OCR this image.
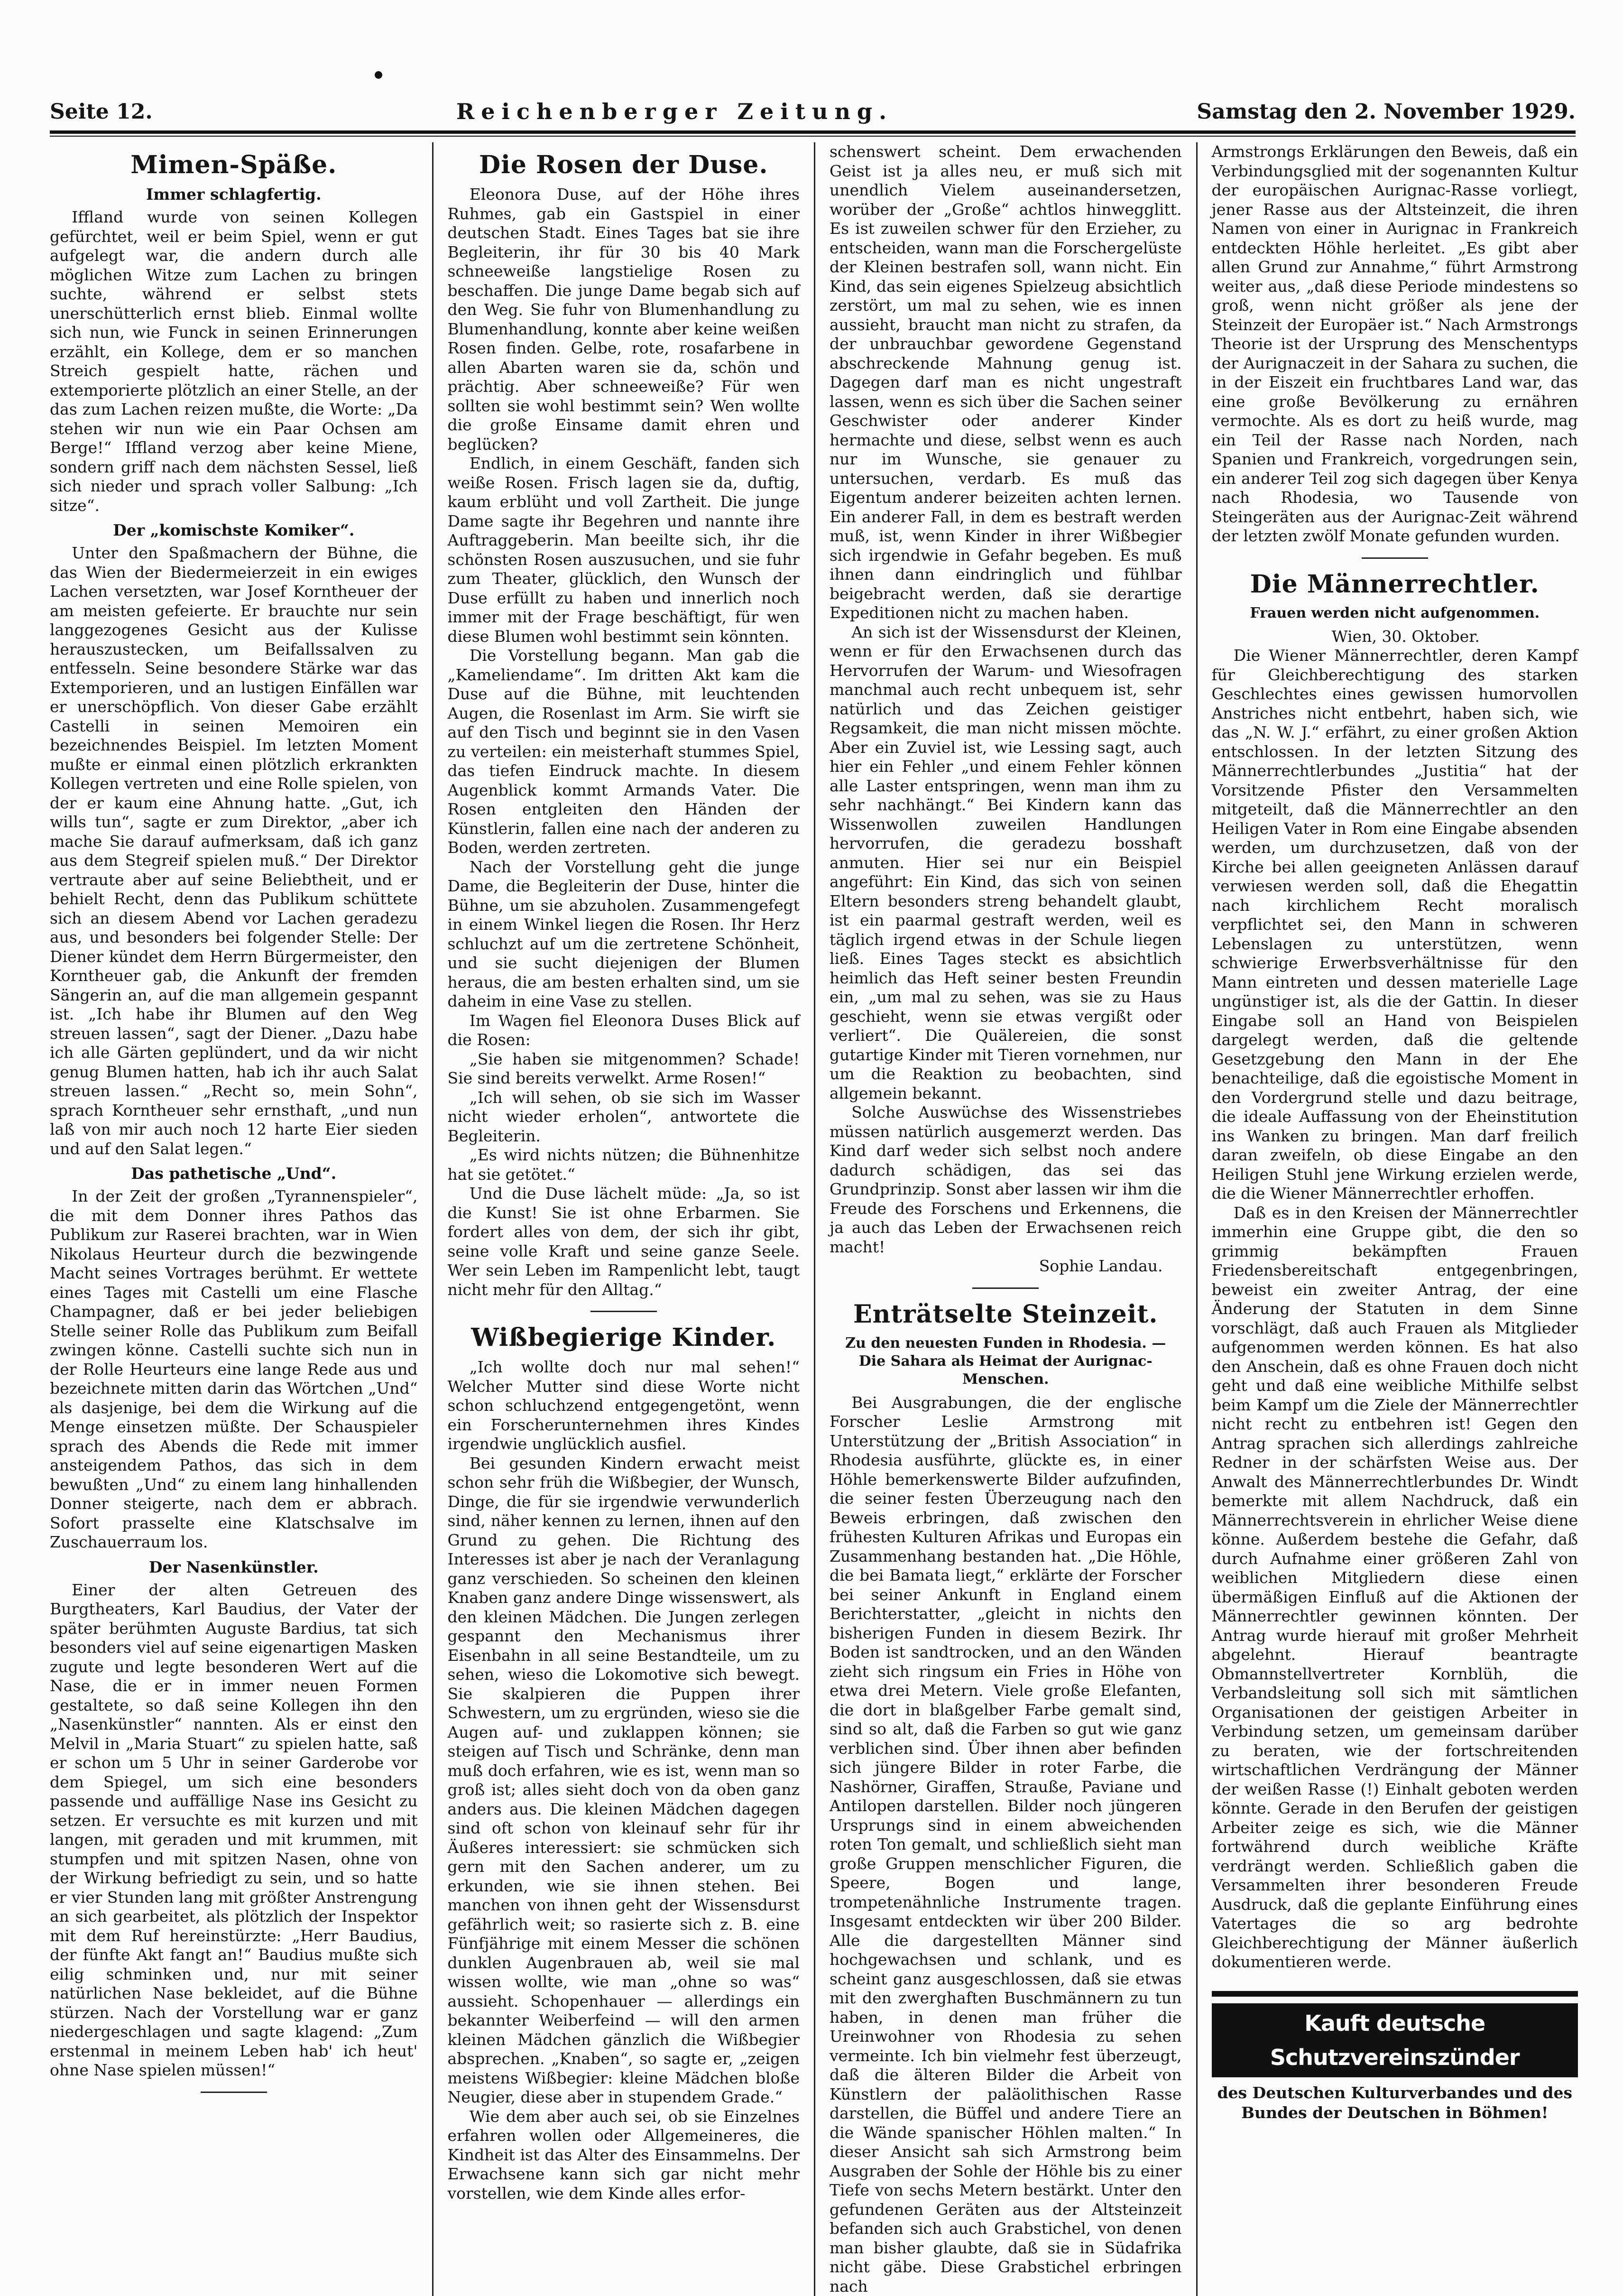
Seite 12.	Reichenberger Zeitung.	Samstag den 2. November 1929.
Mimen-Späße.
Immer schlagfertig.

Iffland wurde von seinen Kollegen gefürchtet, weil er beim Spiel, wenn er gut aufgelegt war, die andern durch alle möglichen Witze zum Lachen zu bringen suchte, während er selbst stets unerschütterlich ernst blieb. Einmal wollte sich nun, wie Funck in seinen Erinnerungen erzählt, ein Kollege, dem er so manchen Streich gespielt hatte, rächen und extemporierte plötzlich an einer Stelle, an der das zum Lachen reizen mußte, die Worte: „Da stehen wir nun wie ein Paar Ochsen am Berge!“ Iffland verzog aber keine Miene, sondern griff nach dem nächsten Sessel, ließ sich nieder und sprach voller Salbung: „Ich sitze“.

Der „komischste Komiker“.

Unter den Spaßmachern der Bühne, die das Wien der Biedermeierzeit in ein ewiges Lachen versetzten, war Josef Korntheuer der am meisten gefeierte. Er brauchte nur sein langgezogenes Gesicht aus der Kulisse herauszustecken, um Beifallssalven zu entfesseln. Seine besondere Stärke war das Extemporieren, und an lustigen Einfällen war er unerschöpflich. Von dieser Gabe erzählt Castelli in seinen Memoiren ein bezeichnendes Beispiel. Im letzten Moment mußte er einmal einen plötzlich erkrankten Kollegen vertreten und eine Rolle spielen, von der er kaum eine Ahnung hatte. „Gut, ich wills tun“, sagte er zum Direktor, „aber ich mache Sie darauf aufmerksam, daß ich ganz aus dem Stegreif spielen muß.“ Der Direktor vertraute aber auf seine Beliebtheit, und er behielt Recht, denn das Publikum schüttete sich an diesem Abend vor Lachen geradezu aus, und besonders bei folgender Stelle: Der Diener kündet dem Herrn Bürgermeister, den Korntheuer gab, die Ankunft der fremden Sängerin an, auf die man allgemein gespannt ist. „Ich habe ihr Blumen auf den Weg streuen lassen“, sagt der Diener. „Dazu habe ich alle Gärten geplündert, und da wir nicht genug Blumen hatten, hab ich ihr auch Salat streuen lassen.“ „Recht so, mein Sohn“, sprach Korntheuer sehr ernsthaft, „und nun laß von mir auch noch 12 harte Eier sieden und auf den Salat legen.“

Das pathetische „Und“.

In der Zeit der großen „Tyrannenspieler“, die mit dem Donner ihres Pathos das Publikum zur Raserei brachten, war in Wien Nikolaus Heurteur durch die bezwingende Macht seines Vortrages berühmt. Er wettete eines Tages mit Castelli um eine Flasche Champagner, daß er bei jeder beliebigen Stelle seiner Rolle das Publikum zum Beifall zwingen könne. Castelli suchte sich nun in der Rolle Heurteurs eine lange Rede aus und bezeichnete mitten darin das Wörtchen „Und“ als dasjenige, bei dem die Wirkung auf die Menge einsetzen müßte. Der Schauspieler sprach des Abends die Rede mit immer ansteigendem Pathos, das sich in dem bewußten „Und“ zu einem lang hinhallenden Donner steigerte, nach dem er abbrach. Sofort prasselte eine Klatschsalve im Zuschauerraum los.

Der Nasenkünstler.

Einer der alten Getreuen des Burgtheaters, Karl Baudius, der Vater der später berühmten Auguste Bardius, tat sich besonders viel auf seine eigenartigen Masken zugute und legte besonderen Wert auf die Nase, die er in immer neuen Formen gestaltete, so daß seine Kollegen ihn den „Nasenkünstler“ nannten. Als er einst den Melvil in „Maria Stuart“ zu spielen hatte, saß er schon um 5 Uhr in seiner Garderobe vor dem Spiegel, um sich eine besonders passende und auffällige Nase ins Gesicht zu setzen. Er versuchte es mit kurzen und mit langen, mit geraden und mit krummen, mit stumpfen und mit spitzen Nasen, ohne von der Wirkung befriedigt zu sein, und so hatte er vier Stunden lang mit größter Anstrengung an sich gearbeitet, als plötzlich der Inspektor mit dem Ruf hereinstürzte: „Herr Baudius, der fünfte Akt fangt an!“ Baudius mußte sich eilig schminken und, nur mit seiner natürlichen Nase bekleidet, auf die Bühne stürzen. Nach der Vorstellung war er ganz niedergeschlagen und sagte klagend: „Zum erstenmal in meinem Leben hab' ich heut' ohne Nase spielen müssen!“

Die Rosen der Duse.

Eleonora Duse, auf der Höhe ihres Ruhmes, gab ein Gastspiel in einer deutschen Stadt. Eines Tages bat sie ihre Begleiterin, ihr für 30 bis 40 Mark schneeweiße langstielige Rosen zu beschaffen. Die junge Dame begab sich auf den Weg. Sie fuhr von Blumenhandlung zu Blumenhandlung, konnte aber keine weißen Rosen finden. Gelbe, rote, rosafarbene in allen Abarten waren sie da, schön und prächtig. Aber schneeweiße? Für wen sollten sie wohl bestimmt sein? Wen wollte die große Einsame damit ehren und beglücken?

Endlich, in einem Geschäft, fanden sich weiße Rosen. Frisch lagen sie da, duftig, kaum erblüht und voll Zartheit. Die junge Dame sagte ihr Begehren und nannte ihre Auftraggeberin. Man beeilte sich, ihr die schönsten Rosen auszusuchen, und sie fuhr zum Theater, glücklich, den Wunsch der Duse erfüllt zu haben und innerlich noch immer mit der Frage beschäftigt, für wen diese Blumen wohl bestimmt sein könnten.

Die Vorstellung begann. Man gab die „Kameliendame“. Im dritten Akt kam die Duse auf die Bühne, mit leuchtenden Augen, die Rosenlast im Arm. Sie wirft sie auf den Tisch und beginnt sie in den Vasen zu verteilen: ein meisterhaft stummes Spiel, das tiefen Eindruck machte. In diesem Augenblick kommt Armands Vater. Die Rosen entgleiten den Händen der Künstlerin, fallen eine nach der anderen zu Boden, werden zertreten.

Nach der Vorstellung geht die junge Dame, die Begleiterin der Duse, hinter die Bühne, um sie abzuholen. Zusammengefegt in einem Winkel liegen die Rosen. Ihr Herz schluchzt auf um die zertretene Schönheit, und sie sucht diejenigen der Blumen heraus, die am besten erhalten sind, um sie daheim in eine Vase zu stellen.

Im Wagen fiel Eleonora Duses Blick auf die Rosen:

„Sie haben sie mitgenommen? Schade! Sie sind bereits verwelkt. Arme Rosen!“

„Ich will sehen, ob sie sich im Wasser nicht wieder erholen“, antwortete die Begleiterin.

„Es wird nichts nützen; die Bühnenhitze hat sie getötet.“

Und die Duse lächelt müde: „Ja, so ist die Kunst! Sie ist ohne Erbarmen. Sie fordert alles von dem, der sich ihr gibt, seine volle Kraft und seine ganze Seele. Wer sein Leben im Rampenlicht lebt, taugt nicht mehr für den Alltag.“

Wißbegierige Kinder.

„Ich wollte doch nur mal sehen!“ Welcher Mutter sind diese Worte nicht schon schluchzend entgegengetönt, wenn ein Forscherunternehmen ihres Kindes irgendwie unglücklich ausfiel.

Bei gesunden Kindern erwacht meist schon sehr früh die Wißbegier, der Wunsch, Dinge, die für sie irgendwie verwunderlich sind, näher kennen zu lernen, ihnen auf den Grund zu gehen. Die Richtung des Interesses ist aber je nach der Veranlagung ganz verschieden. So scheinen den kleinen Knaben ganz andere Dinge wissenswert, als den kleinen Mädchen. Die Jungen zerlegen gespannt den Mechanismus ihrer Eisenbahn in all seine Bestandteile, um zu sehen, wieso die Lokomotive sich bewegt. Sie skalpieren die Puppen ihrer Schwestern, um zu ergründen, wieso sie die Augen auf- und zuklappen können; sie steigen auf Tisch und Schränke, denn man muß doch erfahren, wie es ist, wenn man so groß ist; alles sieht doch von da oben ganz anders aus. Die kleinen Mädchen dagegen sind oft schon von kleinauf sehr für ihr Äußeres interessiert: sie schmücken sich gern mit den Sachen anderer, um zu erkunden, wie sie ihnen stehen. Bei manchen von ihnen geht der Wissensdurst gefährlich weit; so rasierte sich z. B. eine Fünfjährige mit einem Messer die schönen dunklen Augenbrauen ab, weil sie mal wissen wollte, wie man „ohne so was“ aussieht. Schopenhauer — allerdings ein bekannter Weiberfeind — will den armen kleinen Mädchen gänzlich die Wißbegier absprechen. „Knaben“, so sagte er, „zeigen meistens Wißbegier: kleine Mädchen bloße Neugier, diese aber in stupendem Grade.“

Wie dem aber auch sei, ob sie Einzelnes erfahren wollen oder Allgemeineres, die Kindheit ist das Alter des Einsammelns. Der Erwachsene kann sich gar nicht mehr vorstellen, wie dem Kinde alles erfor-

schenswert scheint. Dem erwachenden Geist ist ja alles neu, er muß sich mit unendlich Vielem auseinandersetzen, worüber der „Große“ achtlos hinwegglitt. Es ist zuweilen schwer für den Erzieher, zu entscheiden, wann man die Forschergelüste der Kleinen bestrafen soll, wann nicht. Ein Kind, das sein eigenes Spielzeug absichtlich zerstört, um mal zu sehen, wie es innen aussieht, braucht man nicht zu strafen, da der unbrauchbar gewordene Gegenstand abschreckende Mahnung genug ist. Dagegen darf man es nicht ungestraft lassen, wenn es sich über die Sachen seiner Geschwister oder anderer Kinder hermachte und diese, selbst wenn es auch nur im Wunsche, sie genauer zu untersuchen, verdarb. Es muß das Eigentum anderer beizeiten achten lernen. Ein anderer Fall, in dem es bestraft werden muß, ist, wenn Kinder in ihrer Wißbegier sich irgendwie in Gefahr begeben. Es muß ihnen dann eindringlich und fühlbar beigebracht werden, daß sie derartige Expeditionen nicht zu machen haben.

An sich ist der Wissensdurst der Kleinen, wenn er für den Erwachsenen durch das Hervorrufen der Warum- und Wiesofragen manchmal auch recht unbequem ist, sehr natürlich und das Zeichen geistiger Regsamkeit, die man nicht missen möchte. Aber ein Zuviel ist, wie Lessing sagt, auch hier ein Fehler „und einem Fehler können alle Laster entspringen, wenn man ihm zu sehr nachhängt.“ Bei Kindern kann das Wissenwollen zuweilen Handlungen hervorrufen, die geradezu bosshaft anmuten. Hier sei nur ein Beispiel angeführt: Ein Kind, das sich von seinen Eltern besonders streng behandelt glaubt, ist ein paarmal gestraft werden, weil es täglich irgend etwas in der Schule liegen ließ. Eines Tages steckt es absichtlich heimlich das Heft seiner besten Freundin ein, „um mal zu sehen, was sie zu Haus geschieht, wenn sie etwas vergißt oder verliert“. Die Quälereien, die sonst gutartige Kinder mit Tieren vornehmen, nur um die Reaktion zu beobachten, sind allgemein bekannt.

Solche Auswüchse des Wissenstriebes müssen natürlich ausgemerzt werden. Das Kind darf weder sich selbst noch andere dadurch schädigen, das sei das Grundprinzip. Sonst aber lassen wir ihm die Freude des Forschens und Erkennens, die ja auch das Leben der Erwachsenen reich macht!

Sophie Landau.

Enträtselte Steinzeit.
Zu den neuesten Funden in Rhodesia. — Die Sahara als Heimat der Aurignac-Menschen.

Bei Ausgrabungen, die der englische Forscher Leslie Armstrong mit Unterstützung der „British Association“ in Rhodesia ausführte, glückte es, in einer Höhle bemerkenswerte Bilder aufzufinden, die seiner festen Überzeugung nach den Beweis erbringen, daß zwischen den frühesten Kulturen Afrikas und Europas ein Zusammenhang bestanden hat. „Die Höhle, die bei Bamata liegt,“ erklärte der Forscher bei seiner Ankunft in England einem Berichterstatter, „gleicht in nichts den bisherigen Funden in diesem Bezirk. Ihr Boden ist sandtrocken, und an den Wänden zieht sich ringsum ein Fries in Höhe von etwa drei Metern. Viele große Elefanten, die dort in blaßgelber Farbe gemalt sind, sind so alt, daß die Farben so gut wie ganz verblichen sind. Über ihnen aber befinden sich jüngere Bilder in roter Farbe, die Nashörner, Giraffen, Strauße, Paviane und Antilopen darstellen. Bilder noch jüngeren Ursprungs sind in einem abweichenden roten Ton gemalt, und schließlich sieht man große Gruppen menschlicher Figuren, die Speere, Bogen und lange, trompetenähnliche Instrumente tragen. Insgesamt entdeckten wir über 200 Bilder. Alle die dargestellten Männer sind hochgewachsen und schlank, und es scheint ganz ausgeschlossen, daß sie etwas mit den zwerghaften Buschmännern zu tun haben, in denen man früher die Ureinwohner von Rhodesia zu sehen vermeinte. Ich bin vielmehr fest überzeugt, daß die älteren Bilder die Arbeit von Künstlern der paläolithischen Rasse darstellen, die Büffel und andere Tiere an die Wände spanischer Höhlen malten.“ In dieser Ansicht sah sich Armstrong beim Ausgraben der Sohle der Höhle bis zu einer Tiefe von sechs Metern bestärkt. Unter den gefundenen Geräten aus der Altsteinzeit befanden sich auch Grabstichel, von denen man bisher glaubte, daß sie in Südafrika nicht gäbe. Diese Grabstichel erbringen nach

Armstrongs Erklärungen den Beweis, daß ein Verbindungsglied mit der sogenannten Kultur der europäischen Aurignac-Rasse vorliegt, jener Rasse aus der Altsteinzeit, die ihren Namen von einer in Aurignac in Frankreich entdeckten Höhle herleitet. „Es gibt aber allen Grund zur Annahme,“ führt Armstrong weiter aus, „daß diese Periode mindestens so groß, wenn nicht größer als jene der Steinzeit der Europäer ist.“ Nach Armstrongs Theorie ist der Ursprung des Menschentyps der Aurignaczeit in der Sahara zu suchen, die in der Eiszeit ein fruchtbares Land war, das eine große Bevölkerung zu ernähren vermochte. Als es dort zu heiß wurde, mag ein Teil der Rasse nach Norden, nach Spanien und Frankreich, vorgedrungen sein, ein anderer Teil zog sich dagegen über Kenya nach Rhodesia, wo Tausende von Steingeräten aus der Aurignac-Zeit während der letzten zwölf Monate gefunden wurden.

Die Männerrechtler.
Frauen werden nicht aufgenommen.

Wien, 30. Oktober.

Die Wiener Männerrechtler, deren Kampf für Gleichberechtigung des starken Geschlechtes eines gewissen humorvollen Anstriches nicht entbehrt, haben sich, wie das „N. W. J.“ erfährt, zu einer großen Aktion entschlossen. In der letzten Sitzung des Männerrechtlerbundes „Justitia“ hat der Vorsitzende Pfister den Versammelten mitgeteilt, daß die Männerrechtler an den Heiligen Vater in Rom eine Eingabe absenden werden, um durchzusetzen, daß von der Kirche bei allen geeigneten Anlässen darauf verwiesen werden soll, daß die Ehegattin nach kirchlichem Recht moralisch verpflichtet sei, den Mann in schweren Lebenslagen zu unterstützen, wenn schwierige Erwerbsverhältnisse für den Mann eintreten und dessen materielle Lage ungünstiger ist, als die der Gattin. In dieser Eingabe soll an Hand von Beispielen dargelegt werden, daß die geltende Gesetzgebung den Mann in der Ehe benachteilige, daß die egoistische Moment in den Vordergrund stelle und dazu beitrage, die ideale Auffassung von der Eheinstitution ins Wanken zu bringen. Man darf freilich daran zweifeln, ob diese Eingabe an den Heiligen Stuhl jene Wirkung erzielen werde, die die Wiener Männerrechtler erhoffen.

Daß es in den Kreisen der Männerrechtler immerhin eine Gruppe gibt, die den so grimmig bekämpften Frauen Friedensbereitschaft entgegenbringen, beweist ein zweiter Antrag, der eine Änderung der Statuten in dem Sinne vorschlägt, daß auch Frauen als Mitglieder aufgenommen werden können. Es hat also den Anschein, daß es ohne Frauen doch nicht geht und daß eine weibliche Mithilfe selbst beim Kampf um die Ziele der Männerrechtler nicht recht zu entbehren ist! Gegen den Antrag sprachen sich allerdings zahlreiche Redner in der schärfsten Weise aus. Der Anwalt des Männerrechtlerbundes Dr. Windt bemerkte mit allem Nachdruck, daß ein Männerrechtsverein in ehrlicher Weise diene könne. Außerdem bestehe die Gefahr, daß durch Aufnahme einer größeren Zahl von weiblichen Mitgliedern diese einen übermäßigen Einfluß auf die Aktionen der Männerrechtler gewinnen könnten. Der Antrag wurde hierauf mit großer Mehrheit abgelehnt. Hierauf beantragte Obmannstellvertreter Kornblüh, die Verbandsleitung soll sich mit sämtlichen Organisationen der geistigen Arbeiter in Verbindung setzen, um gemeinsam darüber zu beraten, wie der fortschreitenden wirtschaftlichen Verdrängung der Männer der weißen Rasse (!) Einhalt geboten werden könnte. Gerade in den Berufen der geistigen Arbeiter zeige es sich, wie die Männer fortwährend durch weibliche Kräfte verdrängt werden. Schließlich gaben die Versammelten ihrer besonderen Freude Ausdruck, daß die geplante Einführung eines Vatertages die so arg bedrohte Gleichberechtigung der Männer äußerlich dokumentieren werde.

Kauft deutsche Schutzvereinszünder
des Deutschen Kulturverbandes und des Bundes der Deutschen in Böhmen!
